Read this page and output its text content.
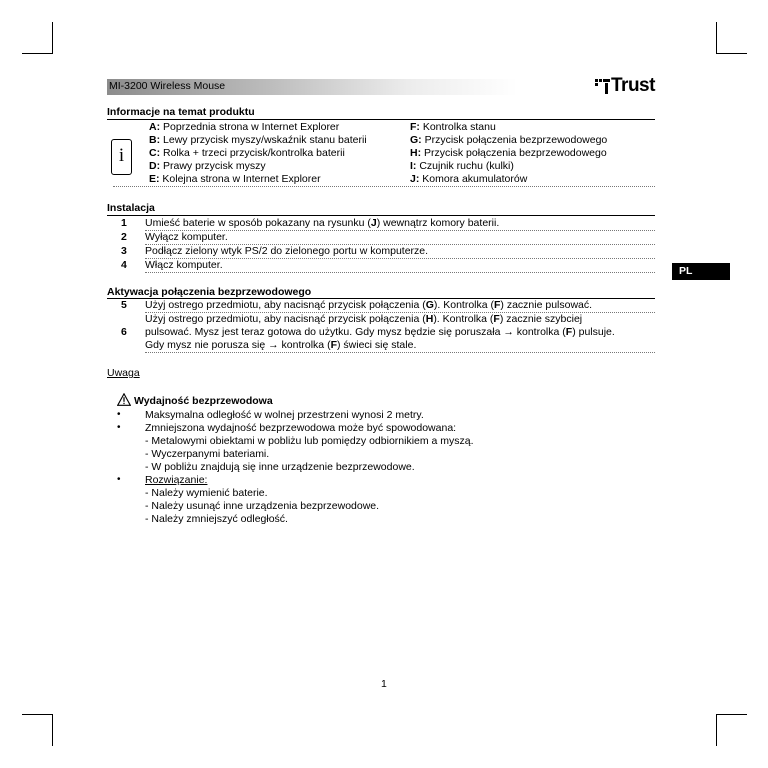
MI-3200 Wireless Mouse	Trust
Informacje na temat produktu
i
A: Poprzednia strona w Internet Explorer
B: Lewy przycisk myszy/wskaźnik stanu baterii
C: Rolka + trzeci przycisk/kontrolka baterii
D: Prawy przycisk myszy
E: Kolejna strona w Internet Explorer
F: Kontrolka stanu
G: Przycisk połączenia bezprzewodowego
H: Przycisk połączenia bezprzewodowego
I: Czujnik ruchu (kulki)
J: Komora akumulatorów
Instalacja
1 Umieść baterie w sposób pokazany na rysunku (J) wewnątrz komory baterii.
2 Wyłącz komputer.
3 Podłącz zielony wtyk PS/2 do zielonego portu w komputerze.
4 Włącz komputer.	PL
Aktywacja połączenia bezprzewodowego
5 Użyj ostrego przedmiotu, aby nacisnąć przycisk połączenia (G). Kontrolka (F) zacznie pulsować.
Użyj ostrego przedmiotu, aby nacisnąć przycisk połączenia (H). Kontrolka (F) zacznie szybciej
6 pulsować. Mysz jest teraz gotowa do użytku. Gdy mysz będzie się poruszała → kontrolka (F) pulsuje.
Gdy mysz nie porusza się → kontrolka (F) świeci się stale.
Uwaga
Wydajność bezprzewodowa
• Maksymalna odległość w wolnej przestrzeni wynosi 2 metry.
• Zmniejszona wydajność bezprzewodowa może być spowodowana:
- Metalowymi obiektami w pobliżu lub pomiędzy odbiornikiem a myszą.
- Wyczerpanymi bateriami.
- W pobliżu znajdują się inne urządzenie bezprzewodowe.
• Rozwiązanie:
- Należy wymienić baterie.
- Należy usunąć inne urządzenia bezprzewodowe.
- Należy zmniejszyć odległość.
1
